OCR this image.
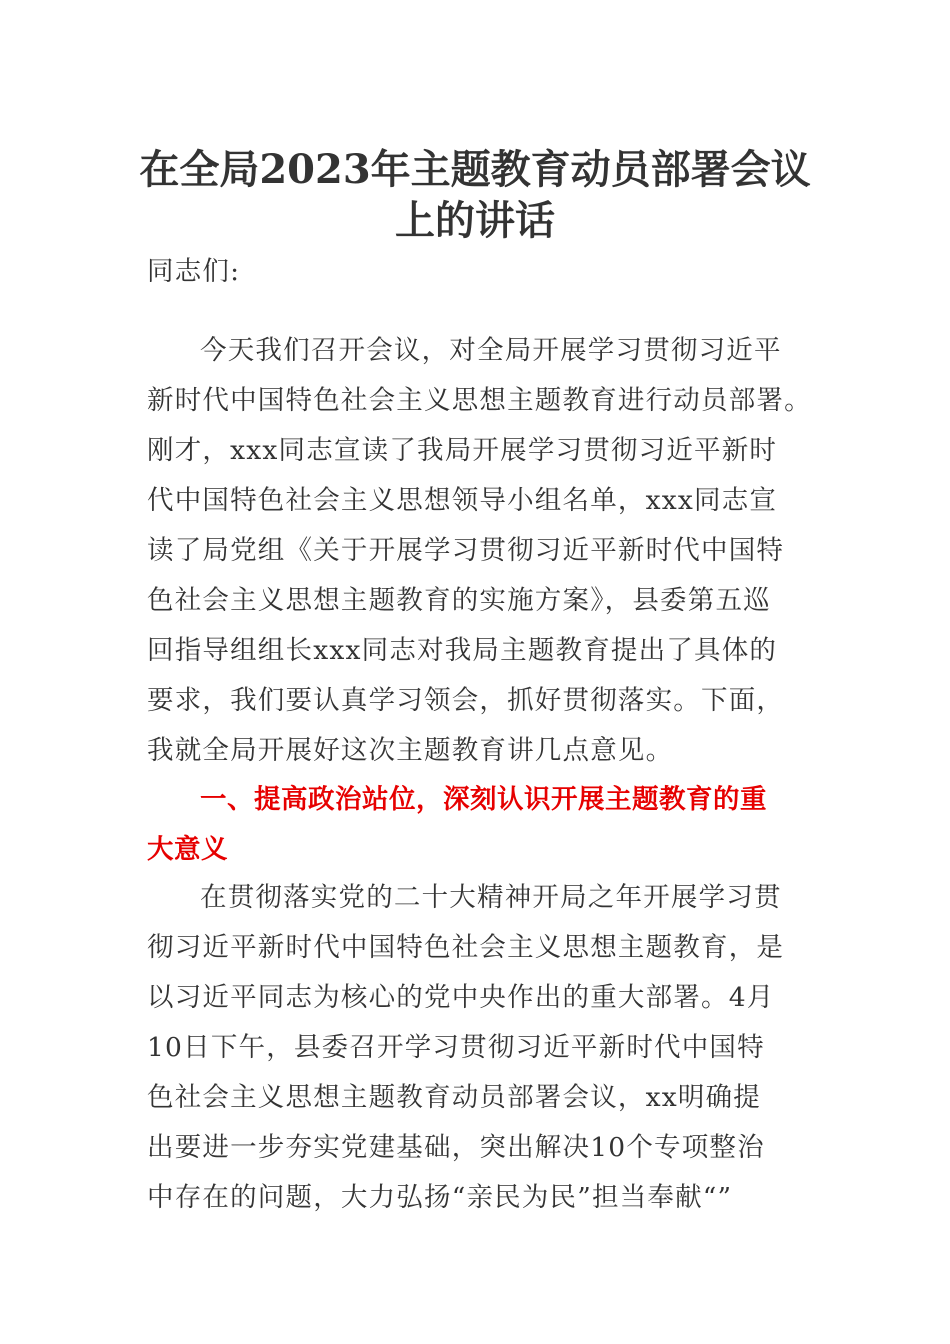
在全局2023年主题教育动员部署会议
上的讲话
同志们:
今天我们召开会议，对全局开展学习贯彻习近平
新时代中国特色社会主义思想主题教育进行动员部署。
刚才，xxx同志宣读了我局开展学习贯彻习近平新时
代中国特色社会主义思想领导小组名单，xxx同志宣
读了局党组《关于开展学习贯彻习近平新时代中国特
色社会主义思想主题教育的实施方案》，县委第五巡
回指导组组长xxx同志对我局主题教育提出了具体的
要求，我们要认真学习领会，抓好贯彻落实。下面，
我就全局开展好这次主题教育讲几点意见。
一、提高政治站位，深刻认识开展主题教育的重
大意义
在贯彻落实党的二十大精神开局之年开展学习贯
彻习近平新时代中国特色社会主义思想主题教育，是
以习近平同志为核心的党中央作出的重大部署。4月
10日下午，县委召开学习贯彻习近平新时代中国特
色社会主义思想主题教育动员部署会议，xx明确提
出要进一步夯实党建基础，突出解决10个专项整治
中存在的问题，大力弘扬“亲民为民”担当奉献“”
